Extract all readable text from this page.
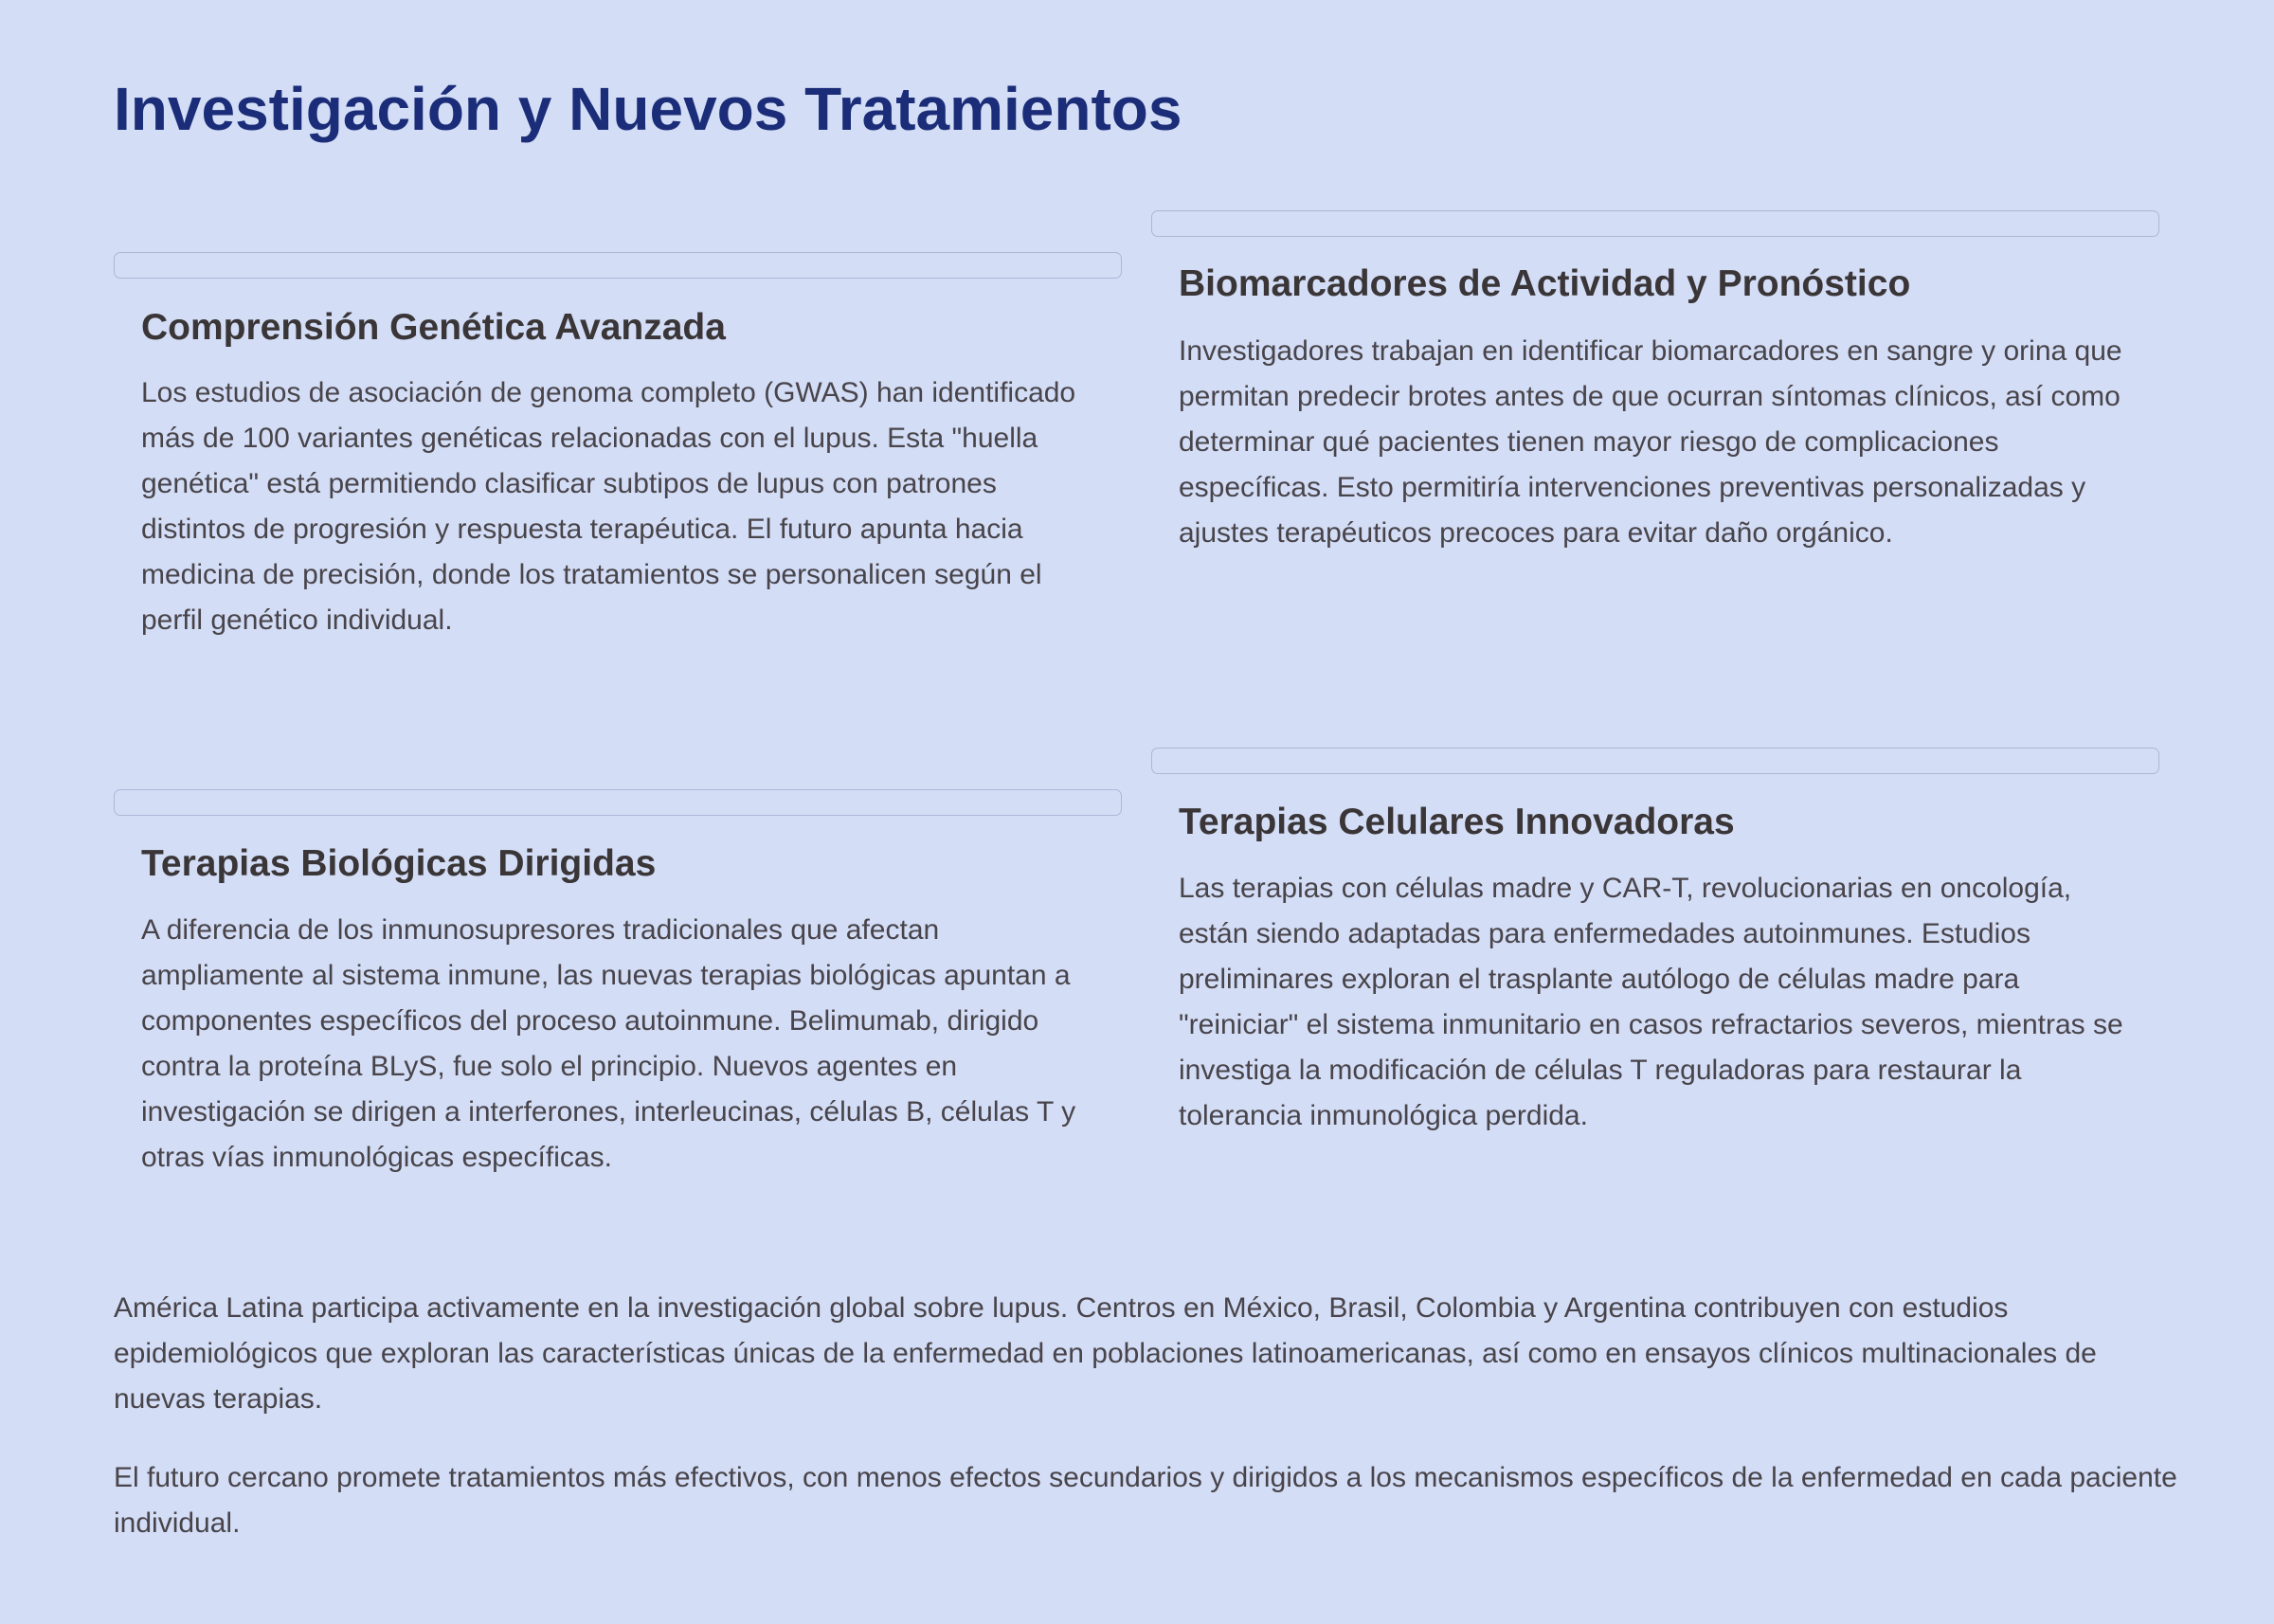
Investigación y Nuevos Tratamientos
Comprensión Genética Avanzada

Los estudios de asociación de genoma completo (GWAS) han identificado más de 100 variantes genéticas relacionadas con el lupus. Esta "huella genética" está permitiendo clasificar subtipos de lupus con patrones distintos de progresión y respuesta terapéutica. El futuro apunta hacia medicina de precisión, donde los tratamientos se personalicen según el perfil genético individual.

Biomarcadores de Actividad y Pronóstico

Investigadores trabajan en identificar biomarcadores en sangre y orina que permitan predecir brotes antes de que ocurran síntomas clínicos, así como determinar qué pacientes tienen mayor riesgo de complicaciones específicas. Esto permitiría intervenciones preventivas personalizadas y ajustes terapéuticos precoces para evitar daño orgánico.

Terapias Biológicas Dirigidas

A diferencia de los inmunosupresores tradicionales que afectan ampliamente al sistema inmune, las nuevas terapias biológicas apuntan a componentes específicos del proceso autoinmune. Belimumab, dirigido contra la proteína BLyS, fue solo el principio. Nuevos agentes en investigación se dirigen a interferones, interleucinas, células B, células T y otras vías inmunológicas específicas.

Terapias Celulares Innovadoras

Las terapias con células madre y CAR-T, revolucionarias en oncología, están siendo adaptadas para enfermedades autoinmunes. Estudios preliminares exploran el trasplante autólogo de células madre para "reiniciar" el sistema inmunitario en casos refractarios severos, mientras se investiga la modificación de células T reguladoras para restaurar la tolerancia inmunológica perdida.

América Latina participa activamente en la investigación global sobre lupus. Centros en México, Brasil, Colombia y Argentina contribuyen con estudios epidemiológicos que exploran las características únicas de la enfermedad en poblaciones latinoamericanas, así como en ensayos clínicos multinacionales de nuevas terapias.

El futuro cercano promete tratamientos más efectivos, con menos efectos secundarios y dirigidos a los mecanismos específicos de la enfermedad en cada paciente individual.
